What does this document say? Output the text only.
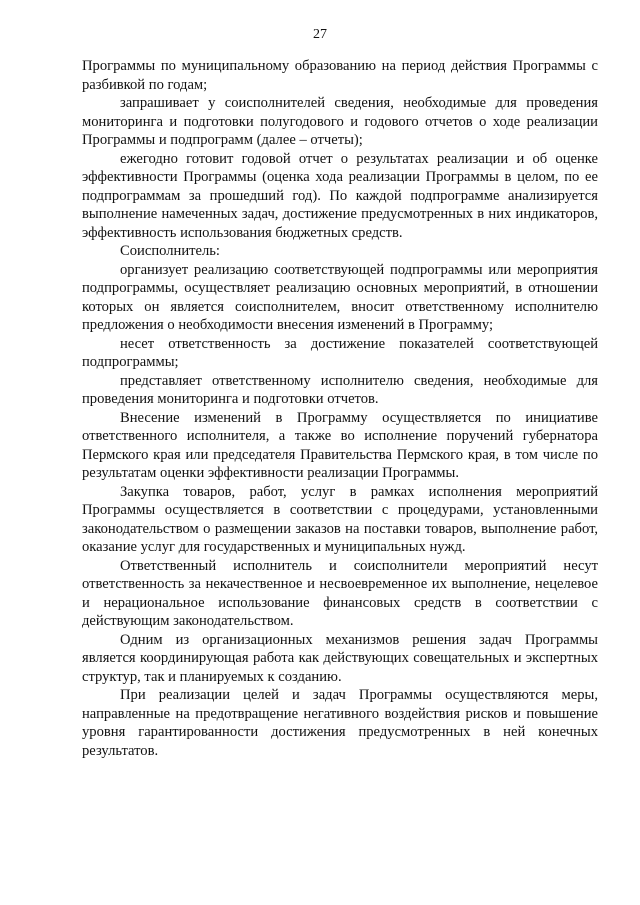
27

Программы по муниципальному образованию на период действия Программы с разбивкой по годам;

запрашивает у соисполнителей сведения, необходимые для проведения мониторинга и подготовки полугодового и годового отчетов о ходе реализации Программы и подпрограмм (далее – отчеты);

ежегодно готовит годовой отчет о результатах реализации и об оценке эффективности Программы (оценка хода реализации Программы в целом, по ее подпрограммам за прошедший год). По каждой подпрограмме анализируется выполнение намеченных задач, достижение предусмотренных в них индикаторов, эффективность использования бюджетных средств.

Соисполнитель:

организует реализацию соответствующей подпрограммы или мероприятия подпрограммы, осуществляет реализацию основных мероприятий, в отношении которых он является соисполнителем, вносит ответственному исполнителю предложения о необходимости внесения изменений в Программу;

несет ответственность за достижение показателей соответствующей подпрограммы;

представляет ответственному исполнителю сведения, необходимые для проведения мониторинга и подготовки отчетов.

Внесение изменений в Программу осуществляется по инициативе ответственного исполнителя, а также во исполнение поручений губернатора Пермского края или председателя Правительства Пермского края, в том числе по результатам оценки эффективности реализации Программы.

Закупка товаров, работ, услуг в рамках исполнения мероприятий Программы осуществляется в соответствии с процедурами, установленными законодательством о размещении заказов на поставки товаров, выполнение работ, оказание услуг для государственных и муниципальных нужд.

Ответственный исполнитель и соисполнители мероприятий несут ответственность за некачественное и несвоевременное их выполнение, нецелевое и нерациональное использование финансовых средств в соответствии с действующим законодательством.

Одним из организационных механизмов решения задач Программы является координирующая работа как действующих совещательных и экспертных структур, так и планируемых к созданию.

При реализации целей и задач Программы осуществляются меры, направленные на предотвращение негативного воздействия рисков и повышение уровня гарантированности достижения предусмотренных в ней конечных результатов.
